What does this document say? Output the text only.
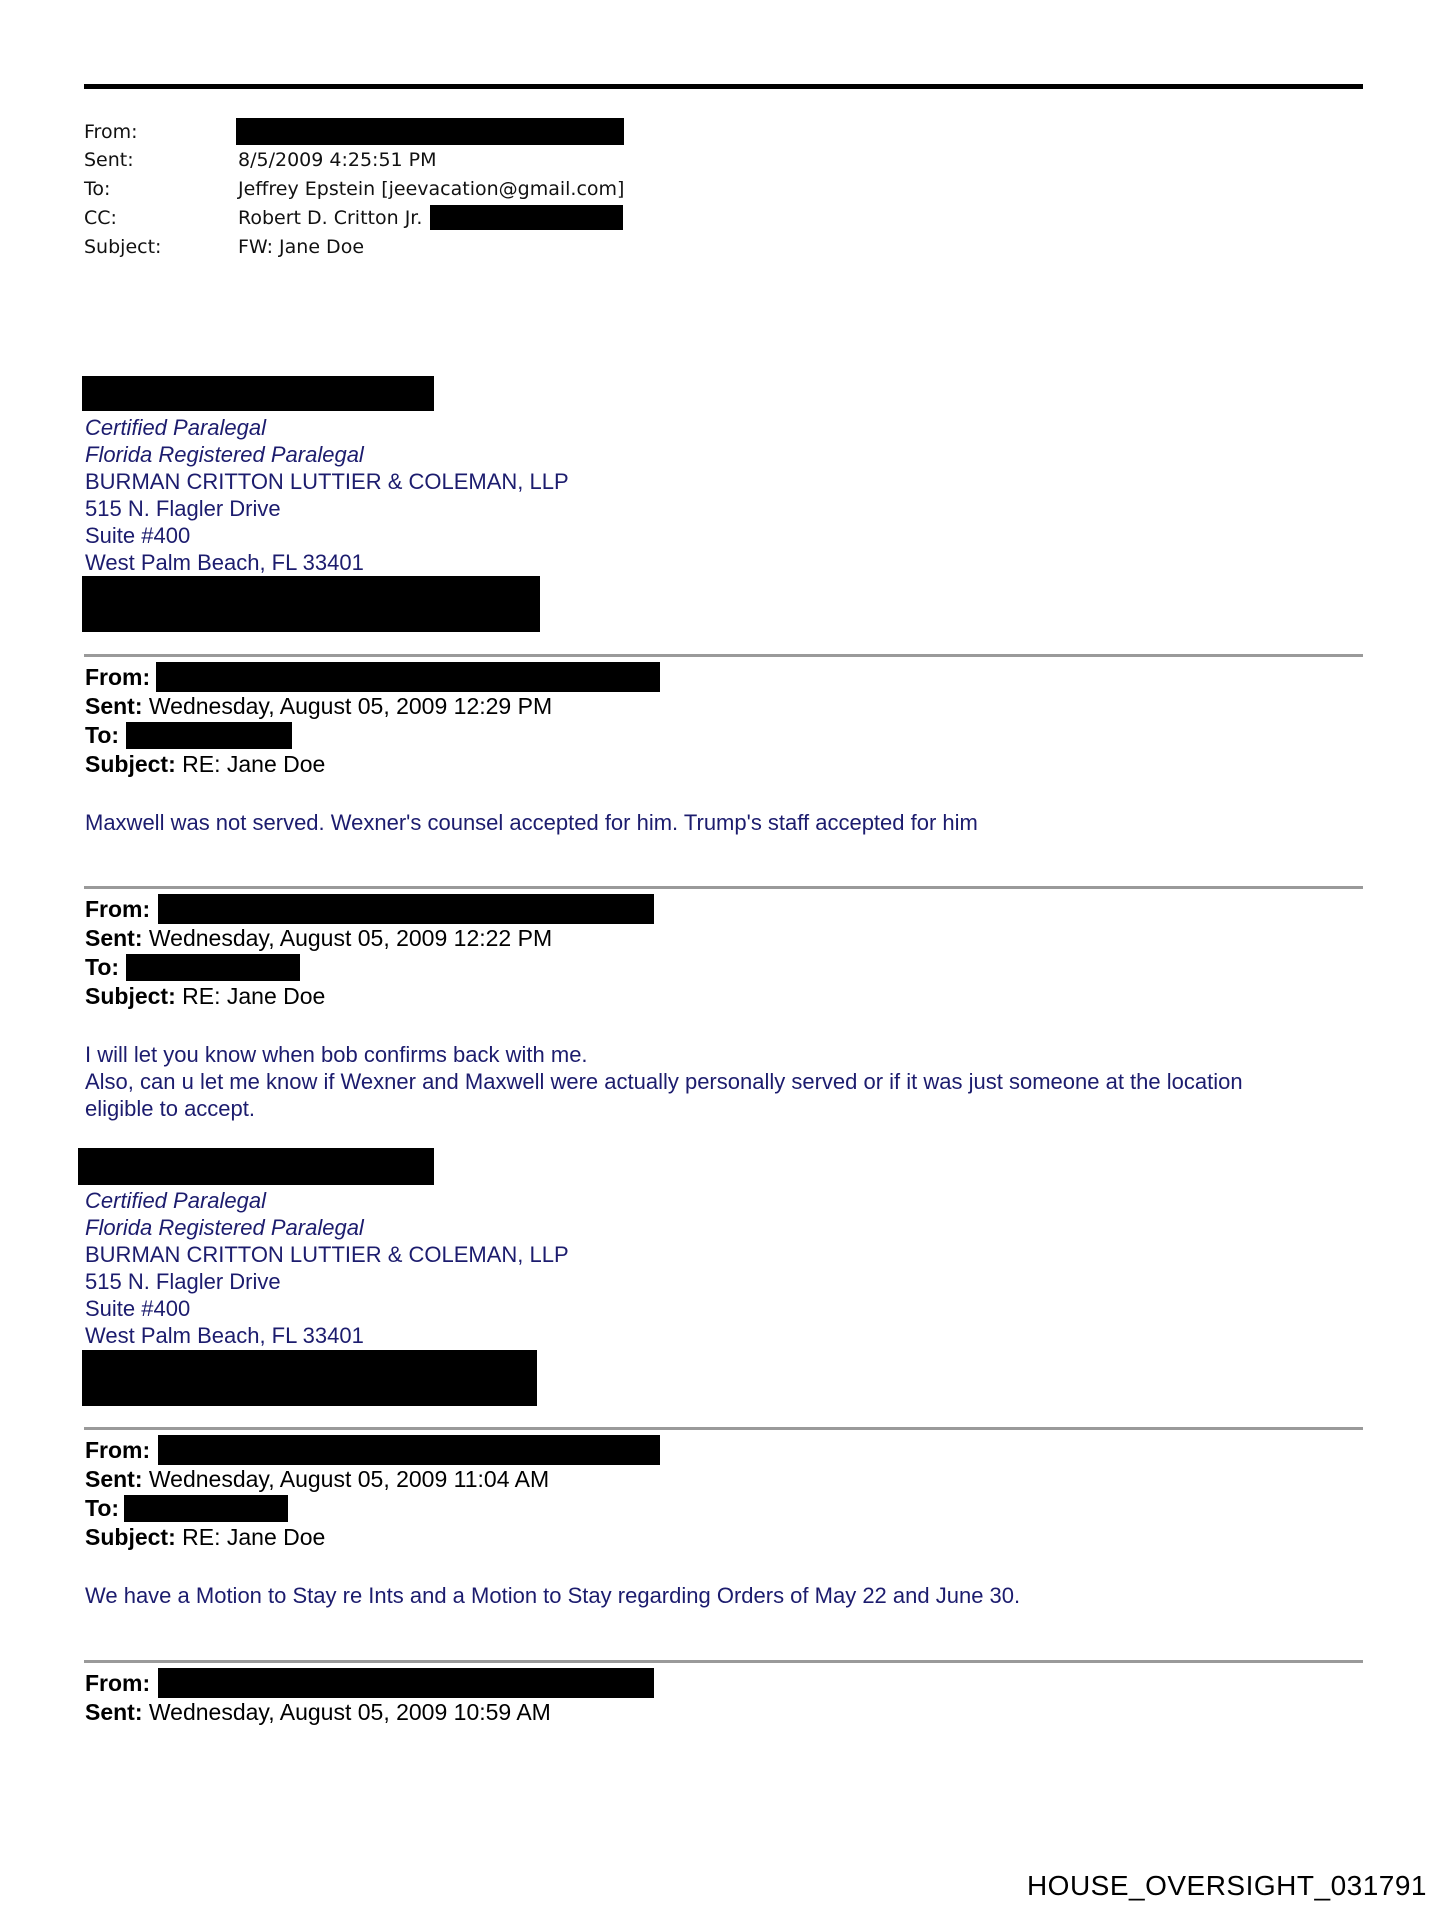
From:
Sent:	8/5/2009 4:25:51 PM
To:	Jeffrey Epstein [jeevacation@gmail.com]
CC:	Robert D. Critton Jr.
Subject:	FW: Jane Doe
Certified Paralegal
Florida Registered Paralegal
BURMAN CRITTON LUTTIER & COLEMAN, LLP
515 N. Flagler Drive
Suite #400
West Palm Beach, FL 33401
From:
Sent: Wednesday, August 05, 2009 12:29 PM
To:
Subject: RE: Jane Doe
Maxwell was not served. Wexner's counsel accepted for him. Trump's staff accepted for him
From:
Sent: Wednesday, August 05, 2009 12:22 PM
To:
Subject: RE: Jane Doe
I will let you know when bob confirms back with me.
Also, can u let me know if Wexner and Maxwell were actually personally served or if it was just someone at the location
eligible to accept.
Certified Paralegal
Florida Registered Paralegal
BURMAN CRITTON LUTTIER & COLEMAN, LLP
515 N. Flagler Drive
Suite #400
West Palm Beach, FL 33401
From:
Sent: Wednesday, August 05, 2009 11:04 AM
To:
Subject: RE: Jane Doe
We have a Motion to Stay re Ints and a Motion to Stay regarding Orders of May 22 and June 30.
From:
Sent: Wednesday, August 05, 2009 10:59 AM
HOUSE_OVERSIGHT_031791
